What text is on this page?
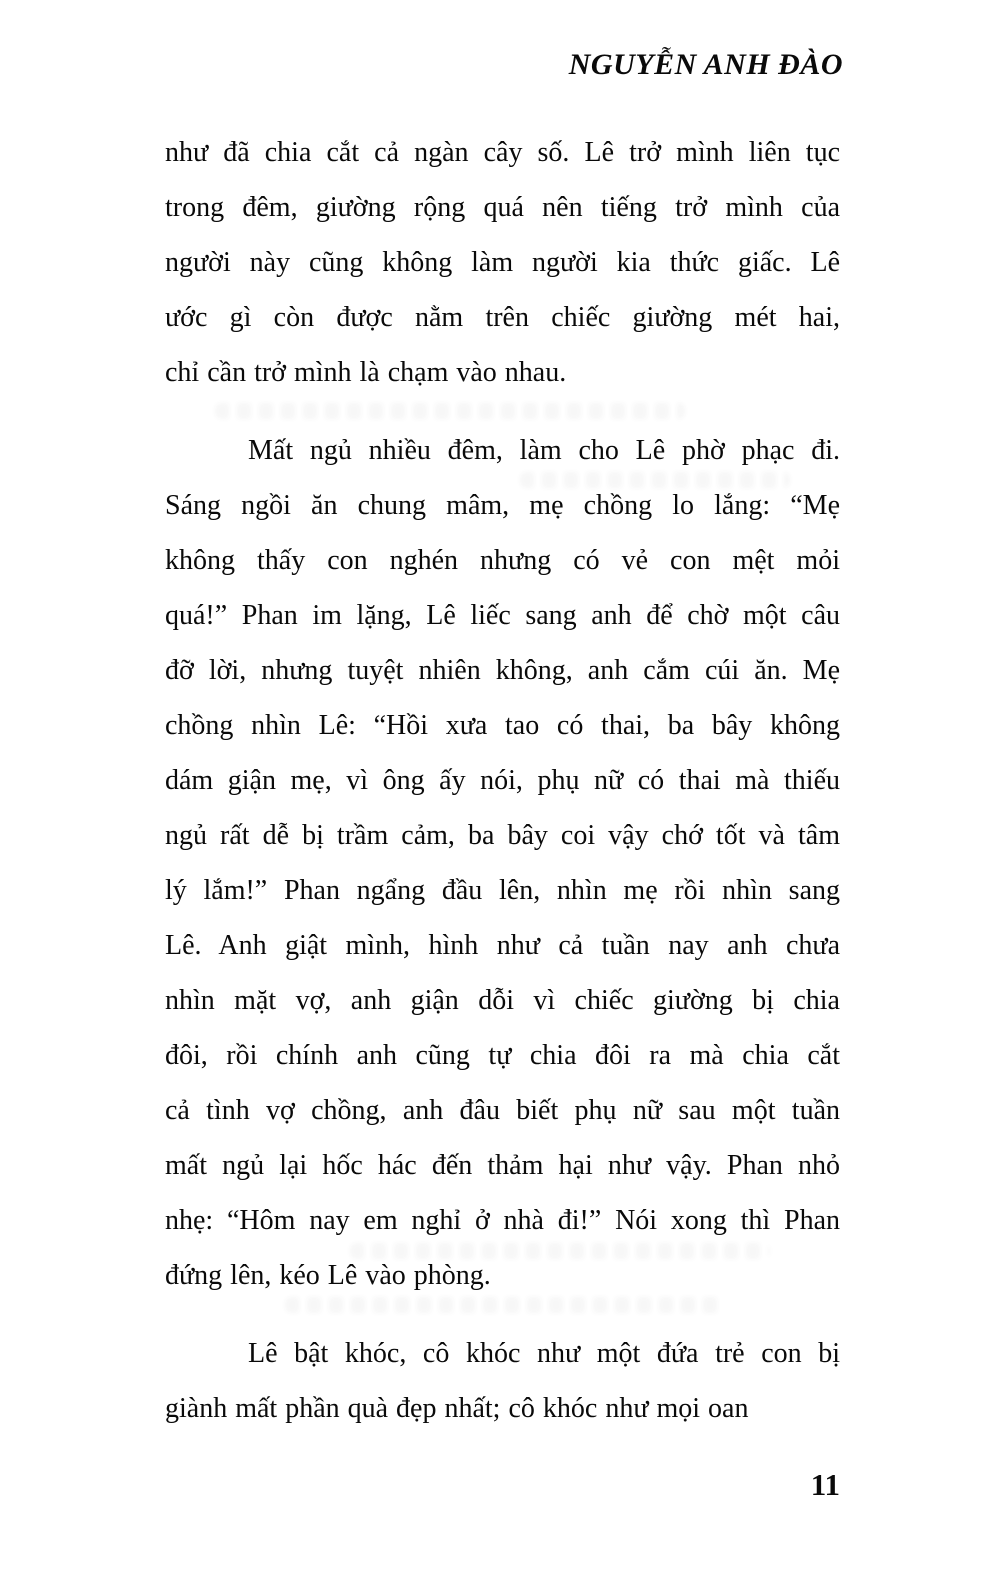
NGUYỄN ANH ĐÀO
như đã chia cắt cả ngàn cây số. Lê trở mình liên tục
trong đêm, giường rộng quá nên tiếng trở mình của
người này cũng không làm người kia thức giấc. Lê
ước gì còn được nằm trên chiếc giường mét hai,
chỉ cần trở mình là chạm vào nhau.
Mất ngủ nhiều đêm, làm cho Lê phờ phạc đi.
Sáng ngồi ăn chung mâm, mẹ chồng lo lắng: “Mẹ
không thấy con nghén nhưng có vẻ con mệt mỏi
quá!” Phan im lặng, Lê liếc sang anh để chờ một câu
đỡ lời, nhưng tuyệt nhiên không, anh cắm cúi ăn. Mẹ
chồng nhìn Lê: “Hồi xưa tao có thai, ba bây không
dám giận mẹ, vì ông ấy nói, phụ nữ có thai mà thiếu
ngủ rất dễ bị trầm cảm, ba bây coi vậy chớ tốt và tâm
lý lắm!” Phan ngẩng đầu lên, nhìn mẹ rồi nhìn sang
Lê. Anh giật mình, hình như cả tuần nay anh chưa
nhìn mặt vợ, anh giận dỗi vì chiếc giường bị chia
đôi, rồi chính anh cũng tự chia đôi ra mà chia cắt
cả tình vợ chồng, anh đâu biết phụ nữ sau một tuần
mất ngủ lại hốc hác đến thảm hại như vậy. Phan nhỏ
nhẹ: “Hôm nay em nghỉ ở nhà đi!” Nói xong thì Phan
đứng lên, kéo Lê vào phòng.
Lê bật khóc, cô khóc như một đứa trẻ con bị
giành mất phần quà đẹp nhất; cô khóc như mọi oan
11
